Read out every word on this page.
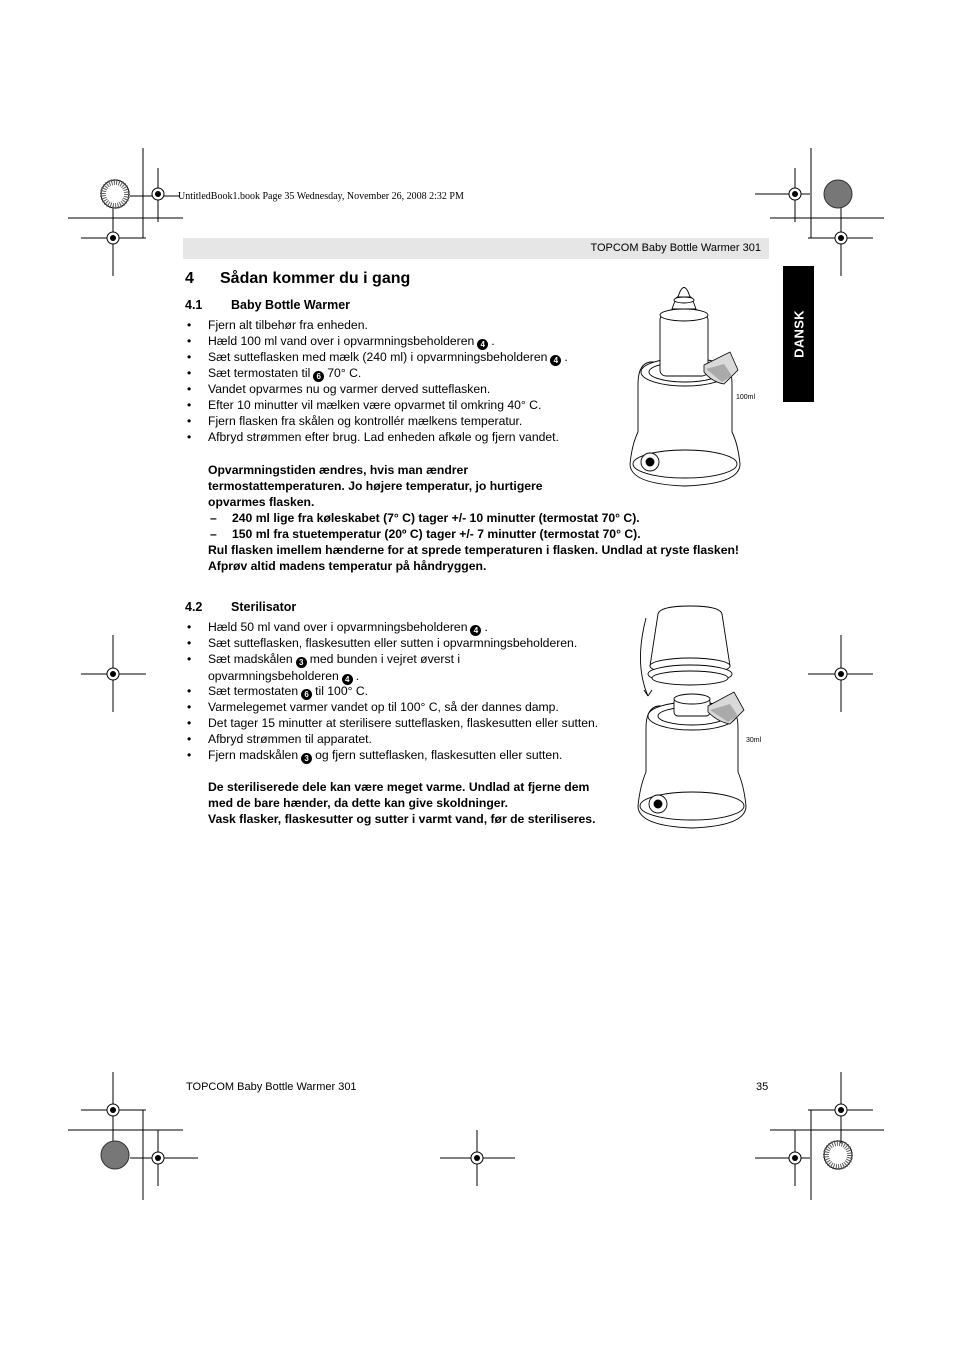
UntitledBook1.book Page 35 Wednesday, November 26, 2008 2:32 PM
TOPCOM Baby Bottle Warmer 301
DANSK
4 Sådan kommer du i gang
4.1 Baby Bottle Warmer
• Fjern alt tilbehør fra enheden.
• Hæld 100 ml vand over i opvarmningsbeholderen 4 .
• Sæt sutteflasken med mælk (240 ml) i opvarmningsbeholderen 4 .
• Sæt termostaten til 6 70° C.
• Vandet opvarmes nu og varmer derved sutteflasken.
• Efter 10 minutter vil mælken være opvarmet til omkring 40° C.
• Fjern flasken fra skålen og kontrollér mælkens temperatur.
• Afbryd strømmen efter brug. Lad enheden afkøle og fjern vandet.
Opvarmningstiden ændres, hvis man ændrer
termostattemperaturen. Jo højere temperatur, jo hurtigere
opvarmes flasken.
– 240 ml lige fra køleskabet (7° C) tager +/- 10 minutter (termostat 70° C).
– 150 ml fra stuetemperatur (20º C) tager +/- 7 minutter (termostat 70° C).
Rul flasken imellem hænderne for at sprede temperaturen i flasken. Undlad at ryste flasken!
Afprøv altid madens temperatur på håndryggen.
100ml
4.2 Sterilisator
• Hæld 50 ml vand over i opvarmningsbeholderen 4 .
• Sæt sutteflasken, flaskesutten eller sutten i opvarmningsbeholderen.
• Sæt madskålen 3 med bunden i vejret øverst i opvarmningsbeholderen 4 .
• Sæt termostaten 6 til 100° C.
• Varmelegemet varmer vandet op til 100° C, så der dannes damp.
• Det tager 15 minutter at sterilisere sutteflasken, flaskesutten eller sutten.
• Afbryd strømmen til apparatet.
• Fjern madskålen 3 og fjern sutteflasken, flaskesutten eller sutten.
De steriliserede dele kan være meget varme. Undlad at fjerne dem
med de bare hænder, da dette kan give skoldninger.
Vask flasker, flaskesutter og sutter i varmt vand, før de steriliseres.
30ml
TOPCOM Baby Bottle Warmer 301	35
